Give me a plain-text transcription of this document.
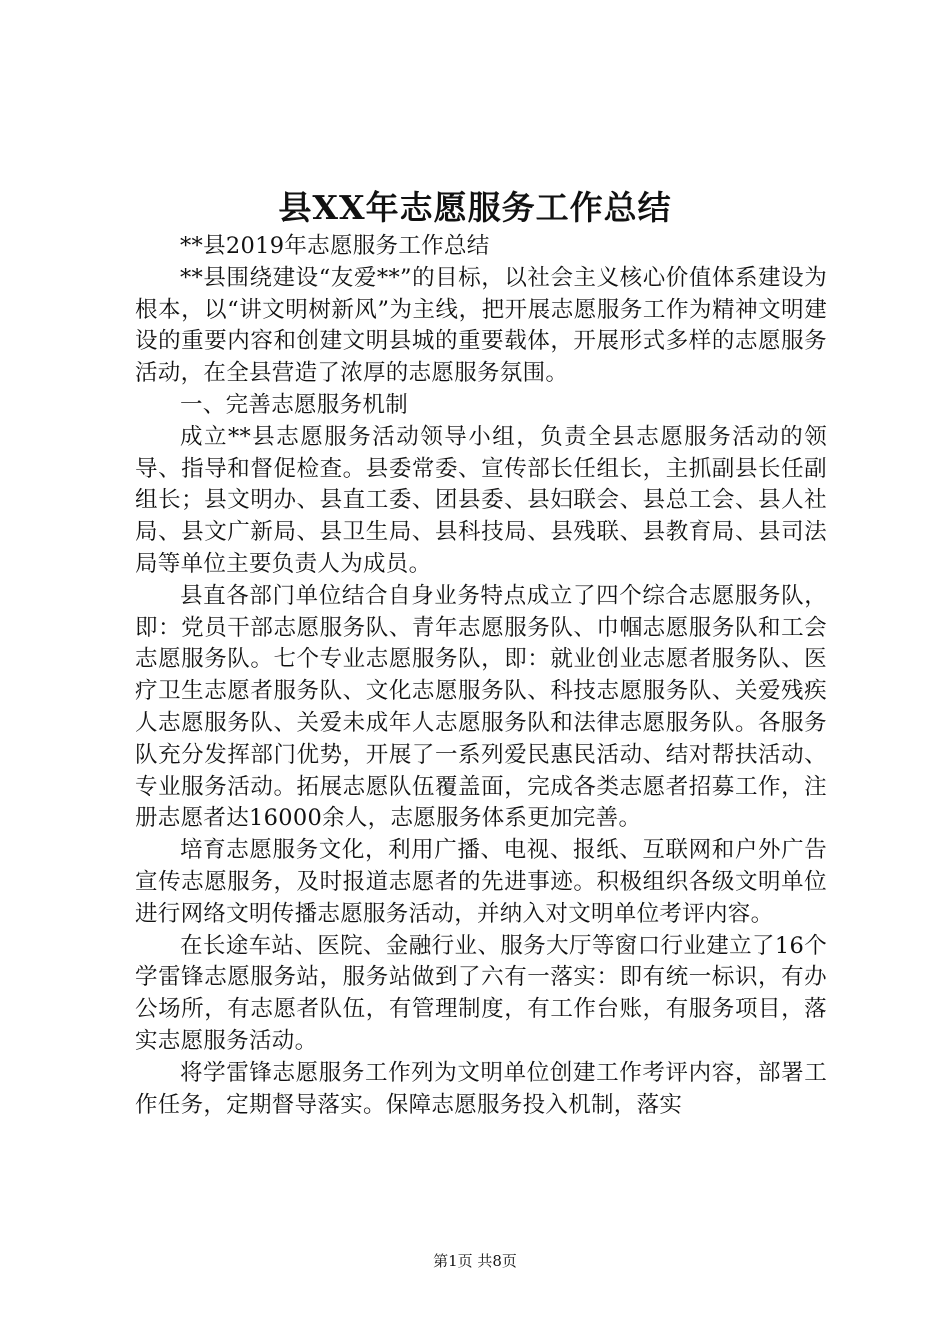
县XX年志愿服务工作总结

**县2019年志愿服务工作总结

**县围绕建设“友爱**”的目标，以社会主义核心价值体系建设为根本，以“讲文明树新风”为主线，把开展志愿服务工作为精神文明建设的重要内容和创建文明县城的重要载体，开展形式多样的志愿服务活动，在全县营造了浓厚的志愿服务氛围。

一、完善志愿服务机制

成立**县志愿服务活动领导小组，负责全县志愿服务活动的领导、指导和督促检查。县委常委、宣传部长任组长，主抓副县长任副组长；县文明办、县直工委、团县委、县妇联会、县总工会、县人社局、县文广新局、县卫生局、县科技局、县残联、县教育局、县司法局等单位主要负责人为成员。

县直各部门单位结合自身业务特点成立了四个综合志愿服务队，即：党员干部志愿服务队、青年志愿服务队、巾帼志愿服务队和工会志愿服务队。七个专业志愿服务队，即：就业创业志愿者服务队、医疗卫生志愿者服务队、文化志愿服务队、科技志愿服务队、关爱残疾人志愿服务队、关爱未成年人志愿服务队和法律志愿服务队。各服务队充分发挥部门优势，开展了一系列爱民惠民活动、结对帮扶活动、专业服务活动。拓展志愿队伍覆盖面，完成各类志愿者招募工作，注册志愿者达16000余人，志愿服务体系更加完善。

培育志愿服务文化，利用广播、电视、报纸、互联网和户外广告宣传志愿服务，及时报道志愿者的先进事迹。积极组织各级文明单位进行网络文明传播志愿服务活动，并纳入对文明单位考评内容。

在长途车站、医院、金融行业、服务大厅等窗口行业建立了16个学雷锋志愿服务站，服务站做到了六有一落实：即有统一标识，有办公场所，有志愿者队伍，有管理制度，有工作台账，有服务项目，落实志愿服务活动。

将学雷锋志愿服务工作列为文明单位创建工作考评内容，部署工作任务，定期督导落实。保障志愿服务投入机制，落实

第1页 共8页
